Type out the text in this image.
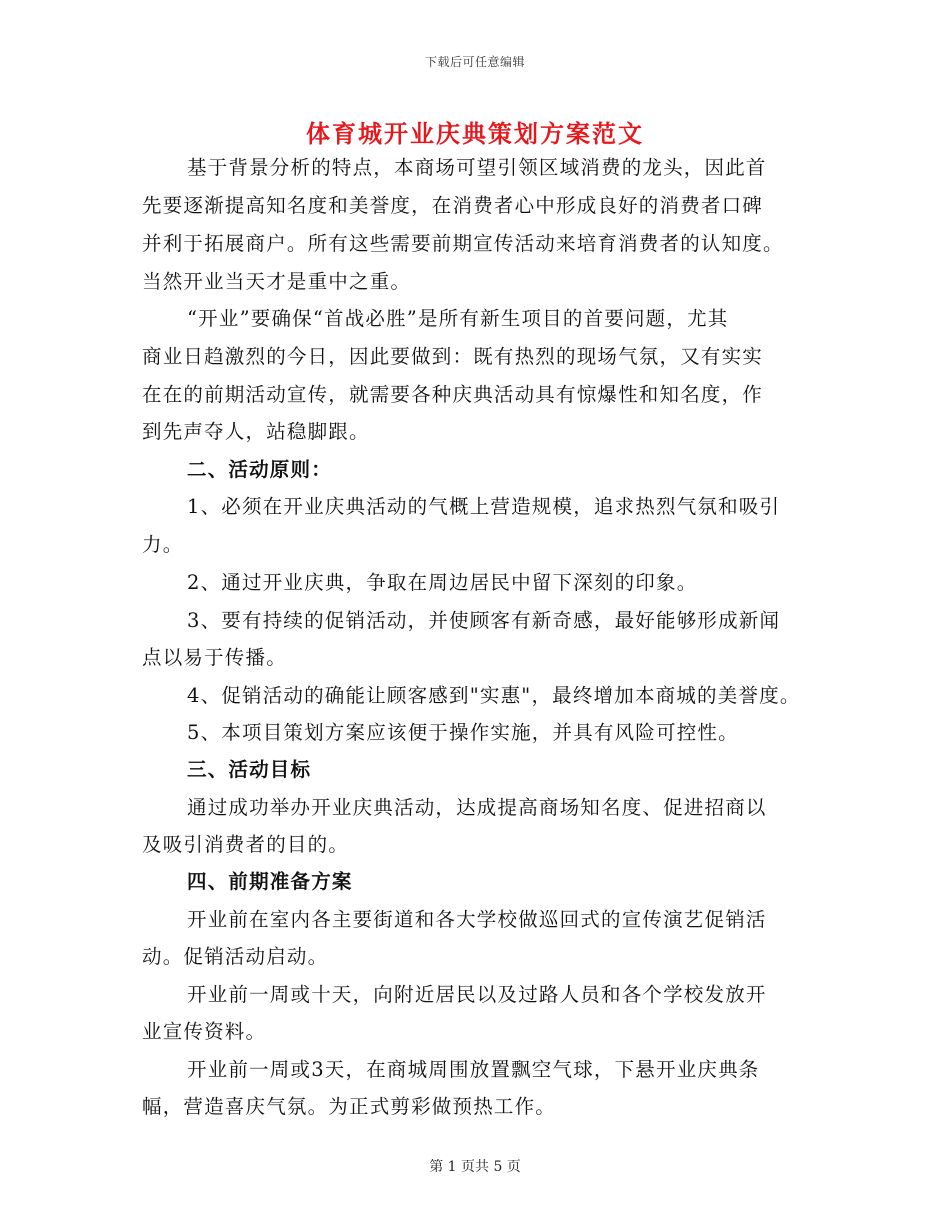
下载后可任意编辑
体育城开业庆典策划方案范文
基于背景分析的特点，本商场可望引领区域消费的龙头，因此首
先要逐渐提高知名度和美誉度，在消费者心中形成良好的消费者口碑
并利于拓展商户。所有这些需要前期宣传活动来培育消费者的认知度。
当然开业当天才是重中之重。
“开业”要确保“首战必胜”是所有新生项目的首要问题，尤其
商业日趋激烈的今日，因此要做到：既有热烈的现场气氛，又有实实
在在的前期活动宣传，就需要各种庆典活动具有惊爆性和知名度，作
到先声夺人，站稳脚跟。
二、活动原则：
1、必须在开业庆典活动的气概上营造规模，追求热烈气氛和吸引
力。
2、通过开业庆典，争取在周边居民中留下深刻的印象。
3、要有持续的促销活动，并使顾客有新奇感，最好能够形成新闻
点以易于传播。
4、促销活动的确能让顾客感到"实惠"，最终增加本商城的美誉度。
5、本项目策划方案应该便于操作实施，并具有风险可控性。
三、活动目标
通过成功举办开业庆典活动，达成提高商场知名度、促进招商以
及吸引消费者的目的。
四、前期准备方案
开业前在室内各主要街道和各大学校做巡回式的宣传演艺促销活
动。促销活动启动。
开业前一周或十天，向附近居民以及过路人员和各个学校发放开
业宣传资料。
开业前一周或3天，在商城周围放置飘空气球，下悬开业庆典条
幅，营造喜庆气氛。为正式剪彩做预热工作。
第 1 页共 5 页
